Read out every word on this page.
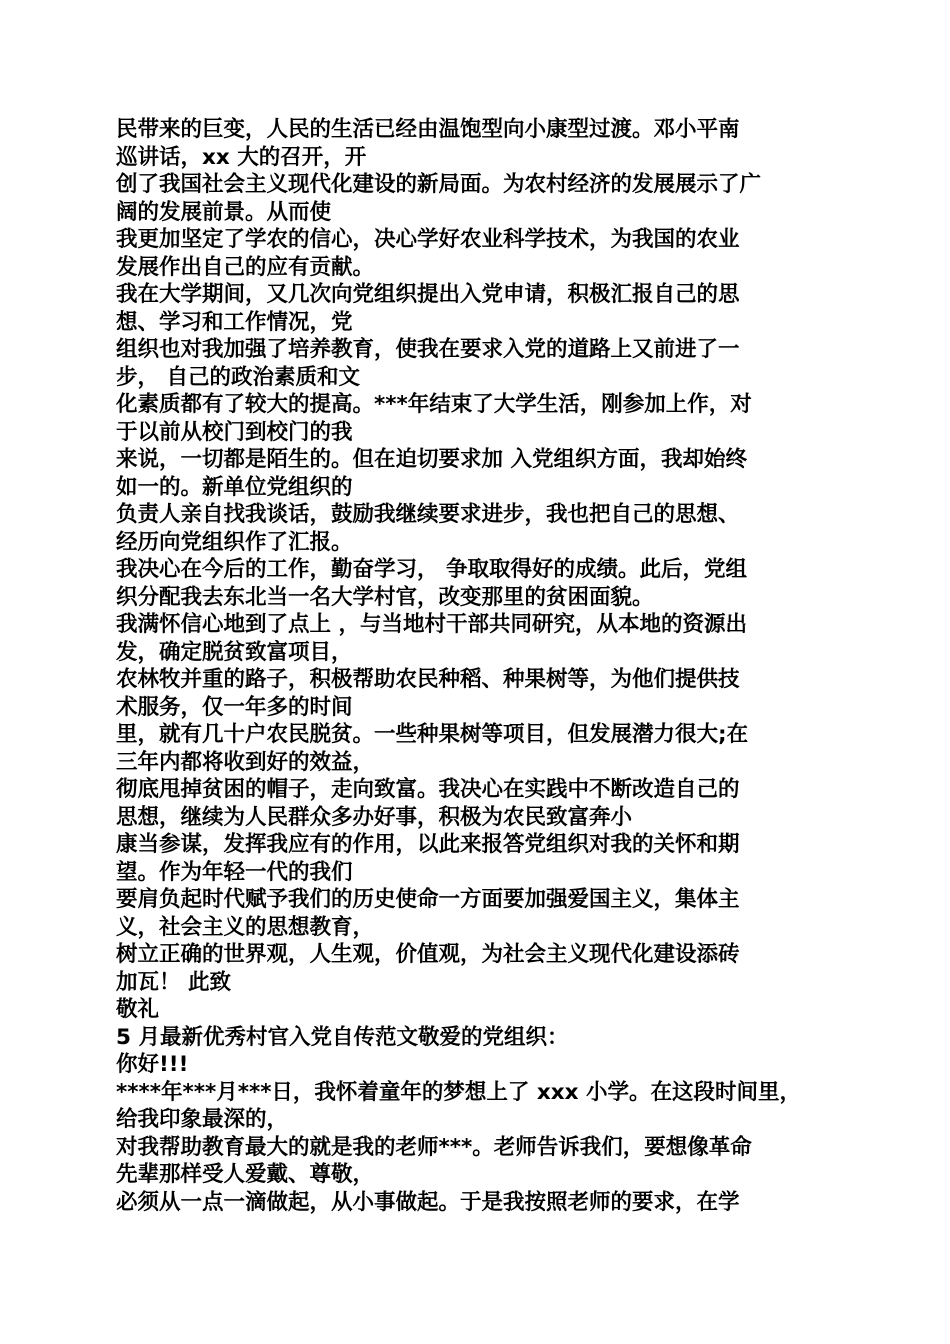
民带来的巨变，人民的生活已经由温饱型向小康型过渡。邓小平南
巡讲话，xx 大的召开，开
创了我国社会主义现代化建设的新局面。为农村经济的发展展示了广
阔的发展前景。从而使
我更加坚定了学农的信心，决心学好农业科学技术，为我国的农业
发展作出自己的应有贡献。
我在大学期间，又几次向党组织提出入党申请，积极汇报自己的思
想、学习和工作情况，党
组织也对我加强了培养教育，使我在要求入党的道路上又前进了一
步， 自己的政治素质和文
化素质都有了较大的提高。***年结束了大学生活，刚参加上作，对
于以前从校门到校门的我
来说，一切都是陌生的。但在迫切要求加 入党组织方面，我却始终
如一的。新单位党组织的
负责人亲自找我谈话，鼓励我继续要求进步，我也把自己的思想、
经历向党组织作了汇报。
我决心在今后的工作，勤奋学习， 争取取得好的成绩。此后，党组
织分配我去东北当一名大学村官，改变那里的贫困面貌。
我满怀信心地到了点上 ，与当地村干部共同研究，从本地的资源出
发，确定脱贫致富项目，
农林牧并重的路子，积极帮助农民种稻、种果树等，为他们提供技
术服务，仅一年多的时间
里，就有几十户农民脱贫。一些种果树等项目，但发展潜力很大;在
三年内都将收到好的效益，
彻底甩掉贫困的帽子，走向致富。我决心在实践中不断改造自己的
思想，继续为人民群众多办好事，积极为农民致富奔小
康当参谋，发挥我应有的作用，以此来报答党组织对我的关怀和期
望。作为年轻一代的我们
要肩负起时代赋予我们的历史使命一方面要加强爱国主义，集体主
义，社会主义的思想教育，
树立正确的世界观，人生观，价值观，为社会主义现代化建设添砖
加瓦！ 此致
敬礼
5 月最新优秀村官入党自传范文敬爱的党组织：
你好!!!
****年***月***日，我怀着童年的梦想上了 xxx 小学。在这段时间里，
给我印象最深的，
对我帮助教育最大的就是我的老师***。老师告诉我们，要想像革命
先辈那样受人爱戴、尊敬，
必须从一点一滴做起，从小事做起。于是我按照老师的要求，在学
